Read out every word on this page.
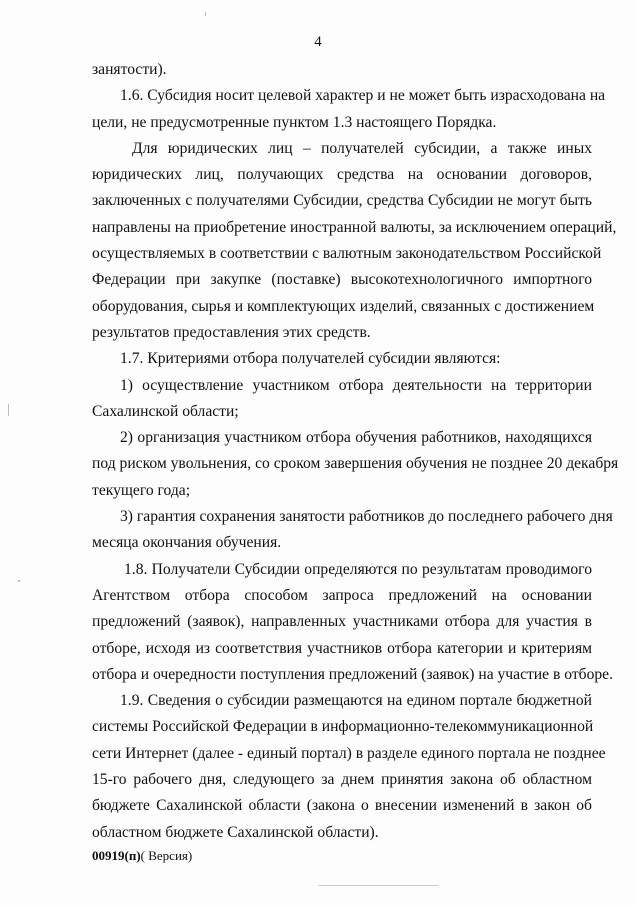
4
занятости).
1.6. Субсидия носит целевой характер и не может быть израсходована на
цели, не предусмотренные пунктом 1.3 настоящего Порядка.
Для юридических лиц – получателей субсидии, а также иных
юридических лиц, получающих средства на основании договоров,
заключенных с получателями Субсидии, средства Субсидии не могут быть
направлены на приобретение иностранной валюты, за исключением операций,
осуществляемых в соответствии с валютным законодательством Российской
Федерации при закупке (поставке) высокотехнологичного импортного
оборудования, сырья и комплектующих изделий, связанных с достижением
результатов предоставления этих средств.
1.7. Критериями отбора получателей субсидии являются:
1) осуществление участником отбора деятельности на территории
Сахалинской области;
2) организация участником отбора обучения работников, находящихся
под риском увольнения, со сроком завершения обучения не позднее 20 декабря
текущего года;
3) гарантия сохранения занятости работников до последнего рабочего дня
месяца окончания обучения.
1.8. Получатели Субсидии определяются по результатам проводимого
Агентством отбора способом запроса предложений на основании
предложений (заявок), направленных участниками отбора для участия в
отборе, исходя из соответствия участников отбора категории и критериям
отбора и очередности поступления предложений (заявок) на участие в отборе.
1.9. Сведения о субсидии размещаются на едином портале бюджетной
системы Российской Федерации в информационно-телекоммуникационной
сети Интернет (далее - единый портал) в разделе единого портала не позднее
15-го рабочего дня, следующего за днем принятия закона об областном
бюджете Сахалинской области (закона о внесении изменений в закон об
областном бюджете Сахалинской области).
00919(п)( Версия)
